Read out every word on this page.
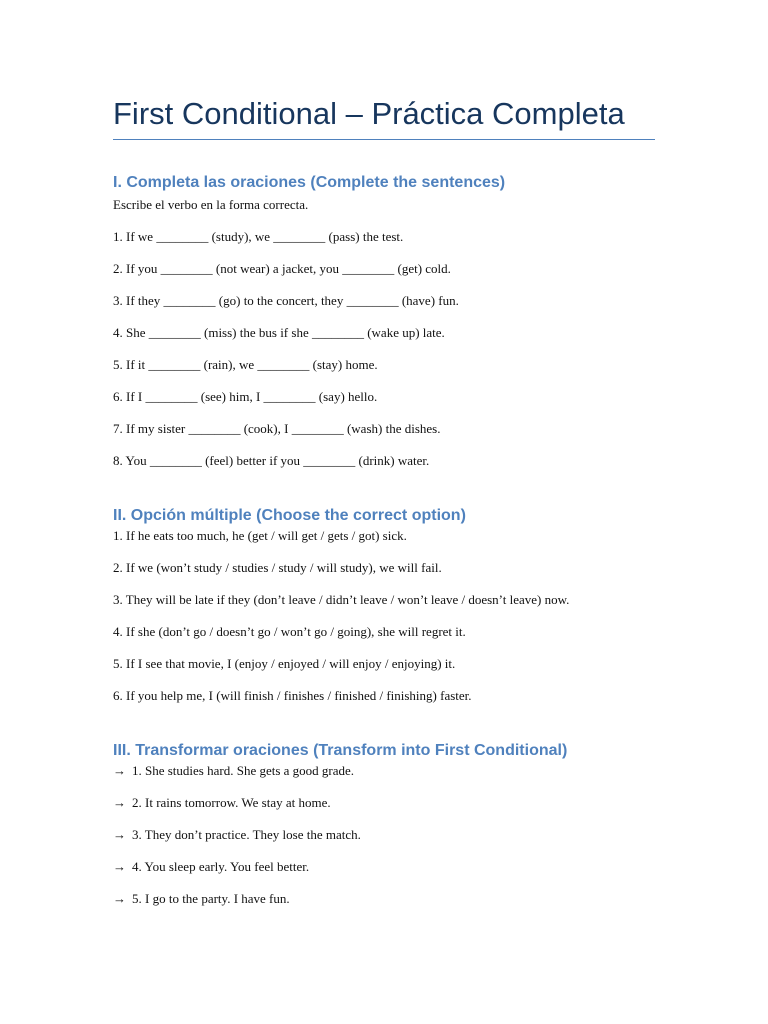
First Conditional – Práctica Completa
I. Completa las oraciones (Complete the sentences)

Escribe el verbo en la forma correcta.

1. If we ________ (study), we ________ (pass) the test.
2. If you ________ (not wear) a jacket, you ________ (get) cold.
3. If they ________ (go) to the concert, they ________ (have) fun.
4. She ________ (miss) the bus if she ________ (wake up) late.
5. If it ________ (rain), we ________ (stay) home.
6. If I ________ (see) him, I ________ (say) hello.
7. If my sister ________ (cook), I ________ (wash) the dishes.
8. You ________ (feel) better if you ________ (drink) water.
II. Opción múltiple (Choose the correct option)
1. If he eats too much, he (get / will get / gets / got) sick.
2. If we (won’t study / studies / study / will study), we will fail.
3. They will be late if they (don’t leave / didn’t leave / won’t leave / doesn’t leave) now.
4. If she (don’t go / doesn’t go / won’t go / going), she will regret it.
5. If I see that movie, I (enjoy / enjoyed / will enjoy / enjoying) it.
6. If you help me, I (will finish / finishes / finished / finishing) faster.
III. Transformar oraciones (Transform into First Conditional)
→ 1. She studies hard. She gets a good grade.
→ 2. It rains tomorrow. We stay at home.
→ 3. They don’t practice. They lose the match.
→ 4. You sleep early. You feel better.
→ 5. I go to the party. I have fun.
